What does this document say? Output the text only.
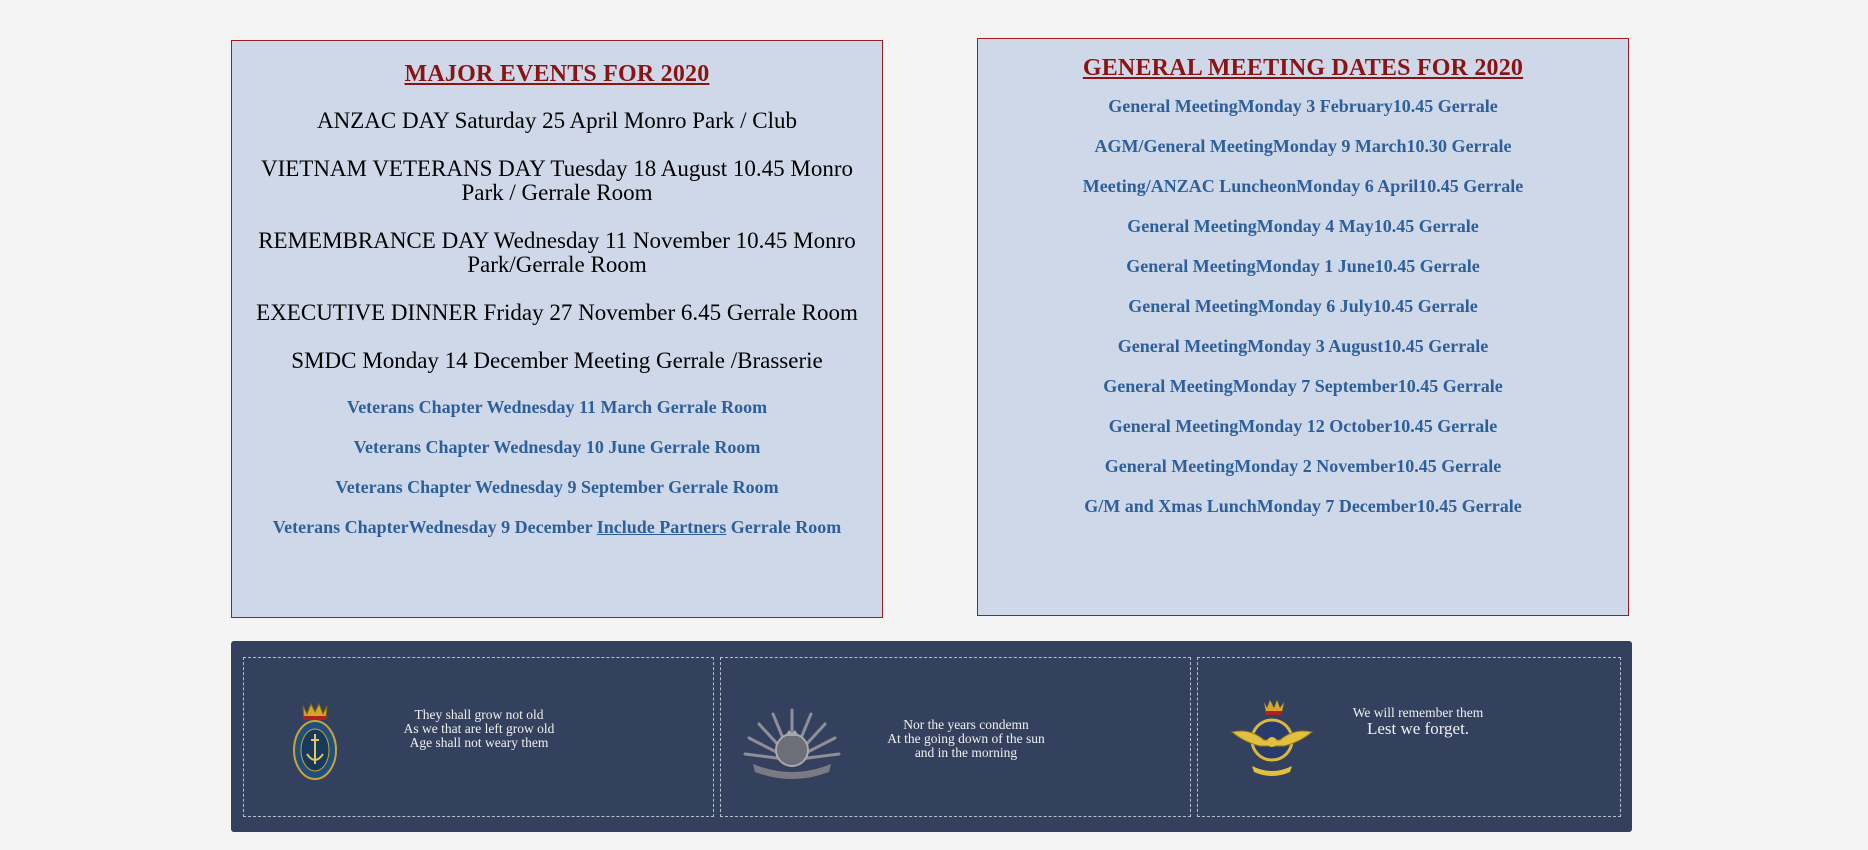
MAJOR EVENTS FOR 2020

ANZAC DAY Saturday 25 April Monro Park / Club

VIETNAM VETERANS DAY Tuesday 18 August 10.45 Monro Park / Gerrale Room

REMEMBRANCE DAY Wednesday 11 November 10.45 Monro Park/Gerrale Room

EXECUTIVE DINNER Friday 27 November 6.45 Gerrale Room

SMDC Monday 14 December Meeting Gerrale /Brasserie

Veterans Chapter Wednesday 11 March Gerrale Room
Veterans Chapter Wednesday 10 June Gerrale Room
Veterans Chapter Wednesday 9 September Gerrale Room
Veterans ChapterWednesday 9 December Include Partners Gerrale Room
GENERAL MEETING DATES FOR 2020
General MeetingMonday 3 February10.45 Gerrale
AGM/General MeetingMonday 9 March10.30 Gerrale
Meeting/ANZAC LuncheonMonday 6 April10.45 Gerrale
General MeetingMonday 4 May10.45 Gerrale
General MeetingMonday 1 June10.45 Gerrale
General MeetingMonday 6 July10.45 Gerrale
General MeetingMonday 3 August10.45 Gerrale
General MeetingMonday 7 September10.45 Gerrale
General MeetingMonday 12 October10.45 Gerrale
General MeetingMonday 2 November10.45 Gerrale
G/M and Xmas LunchMonday 7 December10.45 Gerrale
They shall grow not old
As we that are left grow old
Age shall not weary them
Nor the years condemn
At the going down of the sun
and in the morning
We will remember them
Lest we forget.
